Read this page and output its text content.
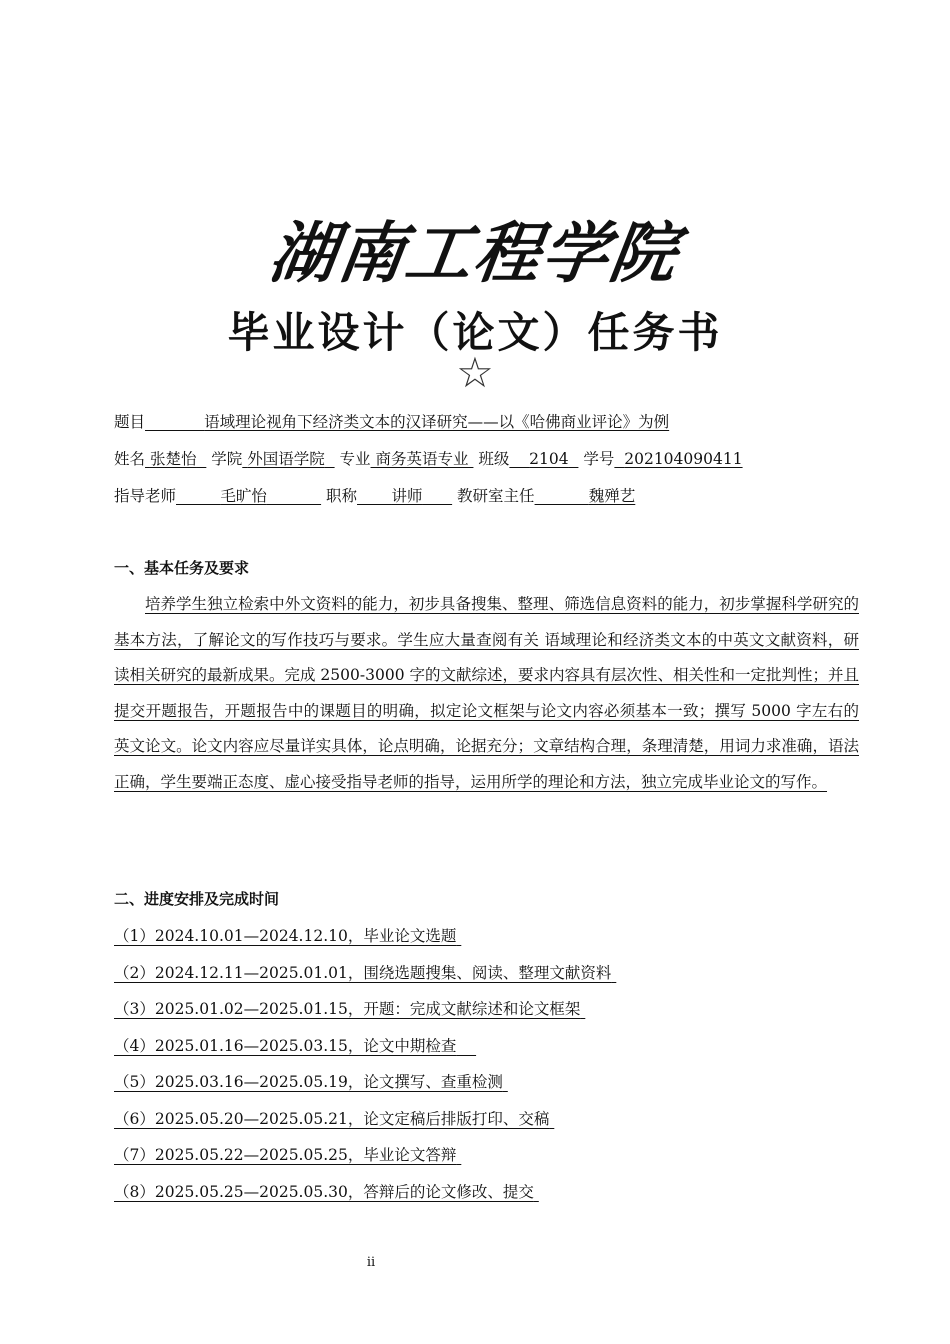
湖南工程学院
毕业设计（论文）任务书
☆
题目	语域理论视角下经济类文本的汉译研究——以《哈佛商业评论》为例
姓名 张楚怡 学院 外国语学院 专业 商务英语专业 班级 2104 学号 202104090411
指导老师	毛旷怡	职称 讲师 教研室主任	魏殚艺
一、基本任务及要求
培养学生独立检索中外文资料的能力，初步具备搜集、整理、筛选信息资料的能力，初步掌握科学研究的基本方法，了解论文的写作技巧与要求。学生应大量查阅有关 语域理论和经济类文本的中英文文献资料，研读相关研究的最新成果。完成 2500-3000 字的文献综述，要求内容具有层次性、相关性和一定批判性；并且提交开题报告，开题报告中的课题目的明确，拟定论文框架与论文内容必须基本一致；撰写 5000 字左右的英文论文。论文内容应尽量详实具体，论点明确，论据充分；文章结构合理，条理清楚，用词力求准确，语法正确，学生要端正态度、虚心接受指导老师的指导，运用所学的理论和方法，独立完成毕业论文的写作。
二、进度安排及完成时间
（1）2024.10.01—2024.12.10，毕业论文选题
（2）2024.12.11—2025.01.01，围绕选题搜集、阅读、整理文献资料
（3）2025.01.02—2025.01.15，开题：完成文献综述和论文框架
（4）2025.01.16—2025.03.15，论文中期检查
（5）2025.03.16—2025.05.19，论文撰写、查重检测
（6）2025.05.20—2025.05.21，论文定稿后排版打印、交稿
（7）2025.05.22—2025.05.25，毕业论文答辩
（8）2025.05.25—2025.05.30，答辩后的论文修改、提交
ii
